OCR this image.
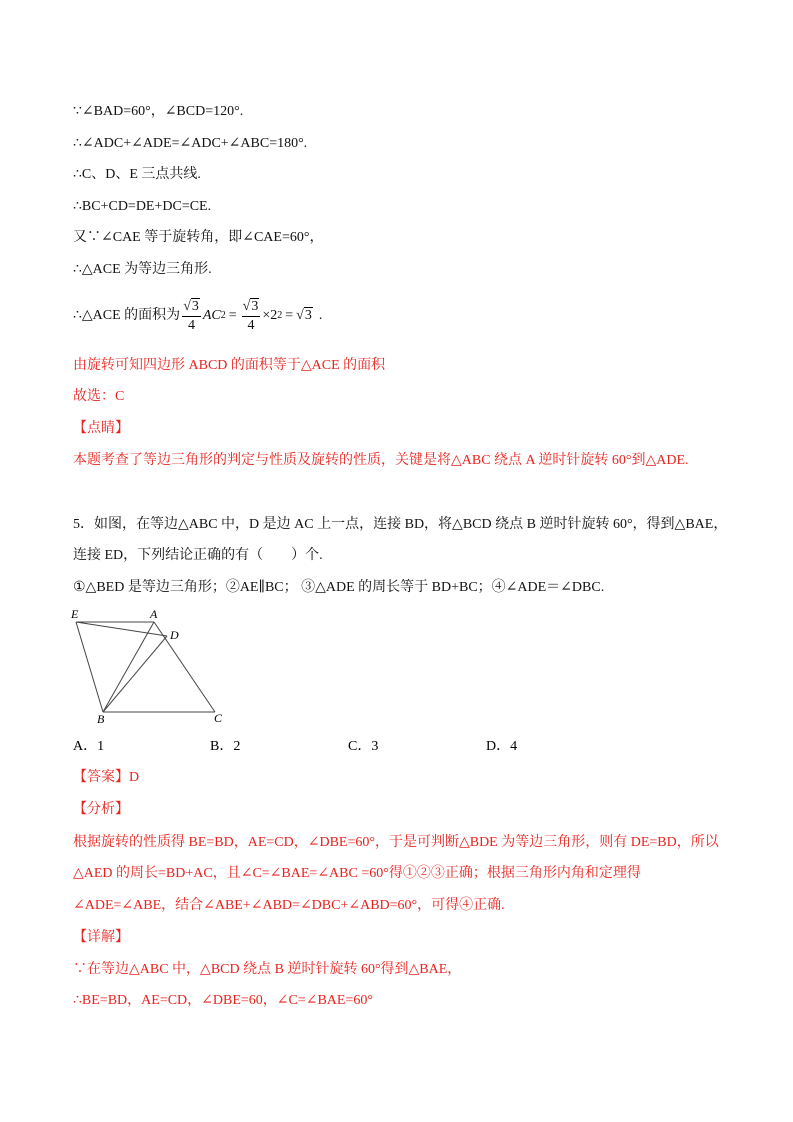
∵∠BAD=60°，∠BCD=120°.
∴∠ADC+∠ADE=∠ADC+∠ABC=180°.
∴C、D、E 三点共线.
∴BC+CD=DE+DC=CE.
又∵∠CAE 等于旋转角，即∠CAE=60°，
∴△ACE 为等边三角形.
∴△ACE 的面积为 $\frac{√ 3}{4}$ AC $2 = \frac{√ 3}{4} \times 2$ 2 = √ 3 .
由旋转可知四边形 ABCD 的面积等于△ACE 的面积
故选：C
【点睛】
本题考查了等边三角形的判定与性质及旋转的性质，关键是将△ABC 绕点 A 逆时针旋转 60°到△ADE.
5．如图，在等边△ABC 中，D 是边 AC 上一点，连接 BD，将△BCD 绕点 B 逆时针旋转 60°，得到△BAE，
连接 ED，下列结论正确的有（　　）个.
①△BED 是等边三角形；②AE∥BC； ③△ADE 的周长等于 BD+BC；④∠ADE＝∠DBC.
E	A
D
B	C
A．1	B．2	C．3	D．4
【答案】D
【分析】
根据旋转的性质得 BE=BD，AE=CD，∠DBE=60°，于是可判断△BDE 为等边三角形，则有 DE=BD，所以
△AED 的周长=BD+AC，且∠C=∠BAE=∠ABC =60°得①②③正确；根据三角形内角和定理得
∠ADE=∠ABE，结合∠ABE+∠ABD=∠DBC+∠ABD=60°，可得④正确.
【详解】
∵在等边△ABC 中，△BCD 绕点 B 逆时针旋转 60°得到△BAE，
∴BE=BD，AE=CD，∠DBE=60，∠C=∠BAE=60°
